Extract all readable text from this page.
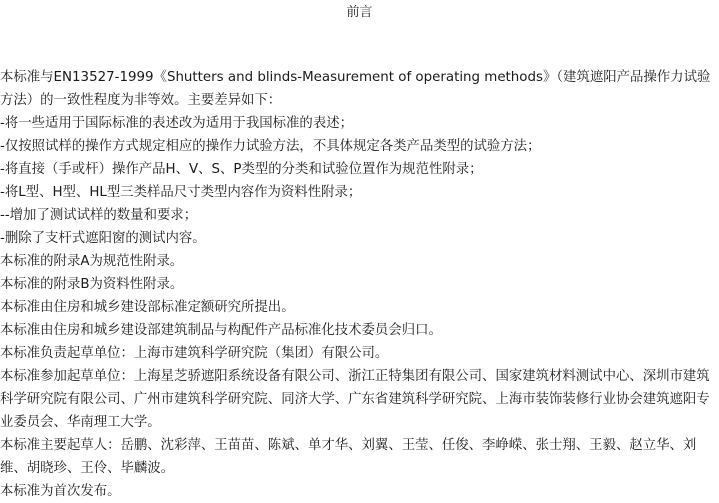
前言

本标准与EN13527-1999《Shutters and blinds-Measurement of operating methods》（建筑遮阳产品操作力试验方法）的一致性程度为非等效。主要差异如下：

-将一些适用于国际标准的表述改为适用于我国标准的表述；

-仅按照试样的操作方式规定相应的操作力试验方法，不具体规定各类产品类型的试验方法；

-将直接（手或杆）操作产品H、V、S、P类型的分类和试验位置作为规范性附录；

-将L型、H型、HL型三类样品尺寸类型内容作为资料性附录；

--增加了测试试样的数量和要求；

-删除了支杆式遮阳窗的测试内容。

本标准的附录A为规范性附录。

本标准的附录B为资料性附录。

本标准由住房和城乡建设部标准定额研究所提出。

本标准由住房和城乡建设部建筑制品与构配件产品标准化技术委员会归口。

本标准负责起草单位：上海市建筑科学研究院（集团）有限公司。

本标准参加起草单位：上海星芝骄遮阳系统设备有限公司、浙江正特集团有限公司、国家建筑材料测试中心、深圳市建筑科学研究院有限公司、广州市建筑科学研究院、同济大学、广东省建筑科学研究院、上海市装饰装修行业协会建筑遮阳专业委员会、华南理工大学。

本标准主要起草人：岳鹏、沈彩萍、王苗苗、陈斌、单才华、刘翼、王莹、任俊、李峥嵘、张士翔、王毅、赵立华、刘维、胡晓珍、王伶、毕麟波。

本标准为首次发布。
